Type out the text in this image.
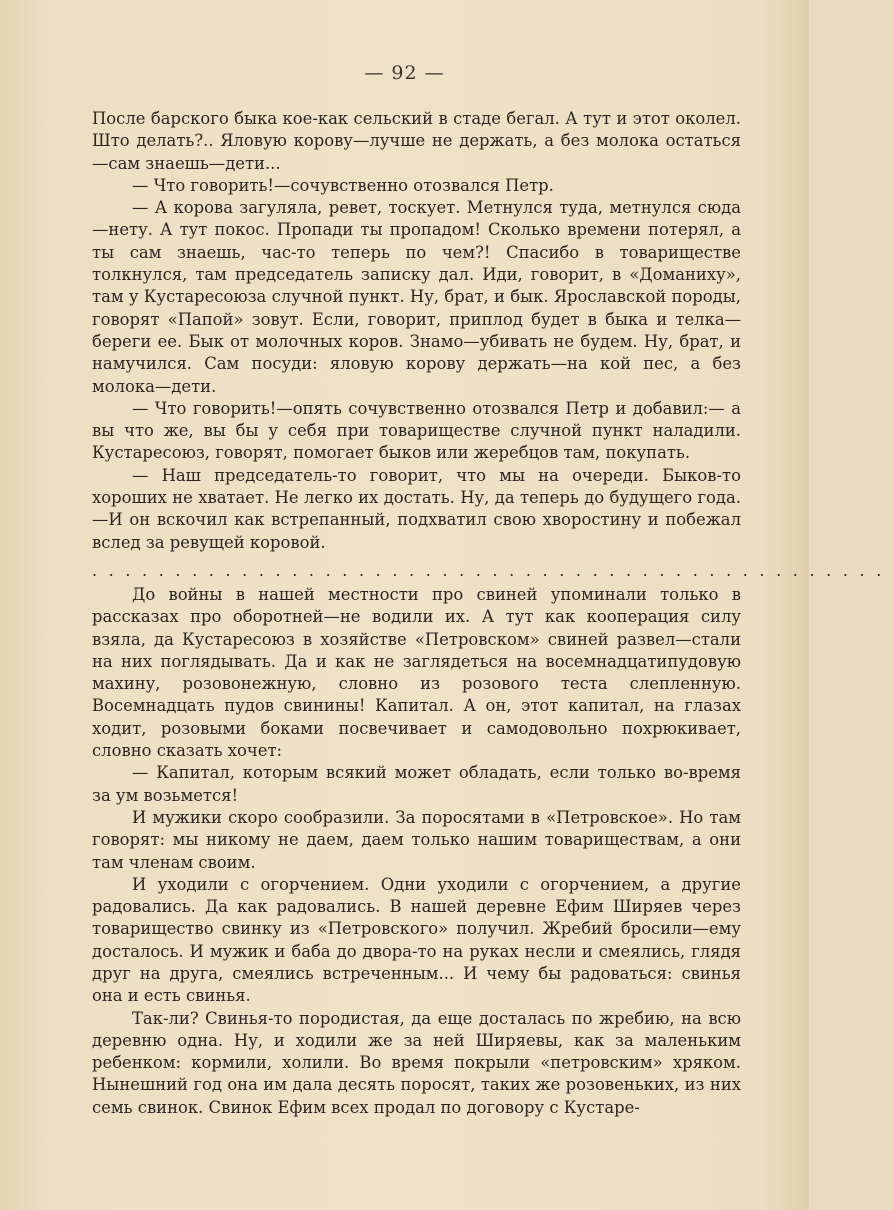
— 92 —

После барского быка кое-как сельский в стаде бегал. А тут и этот околел. Што делать?.. Яловую корову—лучше не держать, а без молока остаться—сам знаешь—дети...

— Что говорить!—сочувственно отозвался Петр.

— А корова загуляла, ревет, тоскует. Метнулся туда, метнулся сюда—нету. А тут покос. Пропади ты пропадом! Сколько времени потерял, а ты сам знаешь, час-то теперь по чем?! Спасибо в товариществе толкнулся, там председатель записку дал. Иди, говорит, в «Доманиху», там у Кустаресоюза случной пункт. Ну, брат, и бык. Ярославской породы, говорят «Папой» зовут. Если, говорит, приплод будет в быка и телка—береги ее. Бык от молочных коров. Знамо—убивать не будем. Ну, брат, и намучился. Сам посуди: яловую корову держать—на кой пес, а без молока—дети.

— Что говорить!—опять сочувственно отозвался Петр и добавил:— а вы что же, вы бы у себя при товариществе случной пункт наладили. Кустаресоюз, говорят, помогает быков или жеребцов там, покупать.

— Наш председатель-то говорит, что мы на очереди. Быков-то хороших не хватает. Не легко их достать. Ну, да теперь до будущего года.—И он вскочил как встрепанный, подхватил свою хворостину и побежал вслед за ревущей коровой.

................................................

До войны в нашей местности про свиней упоминали только в рассказах про оборотней—не водили их. А тут как кооперация силу взяла, да Кустаресоюз в хозяйстве «Петровском» свиней развел—стали на них поглядывать. Да и как не заглядеться на восемнадцатипудовую махину, розовонежную, словно из розового теста слепленную. Восемнадцать пудов свинины! Капитал. А он, этот капитал, на глазах ходит, розовыми боками посвечивает и самодовольно похрюкивает, словно сказать хочет:

— Капитал, которым всякий может обладать, если только во-время за ум возьмется!

И мужики скоро сообразили. За поросятами в «Петровское». Но там говорят: мы никому не даем, даем только нашим товариществам, а они там членам своим.

И уходили с огорчением. Одни уходили с огорчением, а другие радовались. Да как радовались. В нашей деревне Ефим Ширяев через товарищество свинку из «Петровского» получил. Жребий бросили—ему досталось. И мужик и баба до двора-то на руках несли и смеялись, глядя друг на друга, смеялись встреченным... И чему бы радоваться: свинья она и есть свинья.

Так-ли? Свинья-то породистая, да еще досталась по жребию, на всю деревню одна. Ну, и ходили же за ней Ширяевы, как за маленьким ребенком: кормили, холили. Во время покрыли «петровским» хряком. Нынешний год она им дала десять поросят, таких же розовеньких, из них семь свинок. Свинок Ефим всех продал по договору с Кустаре-
